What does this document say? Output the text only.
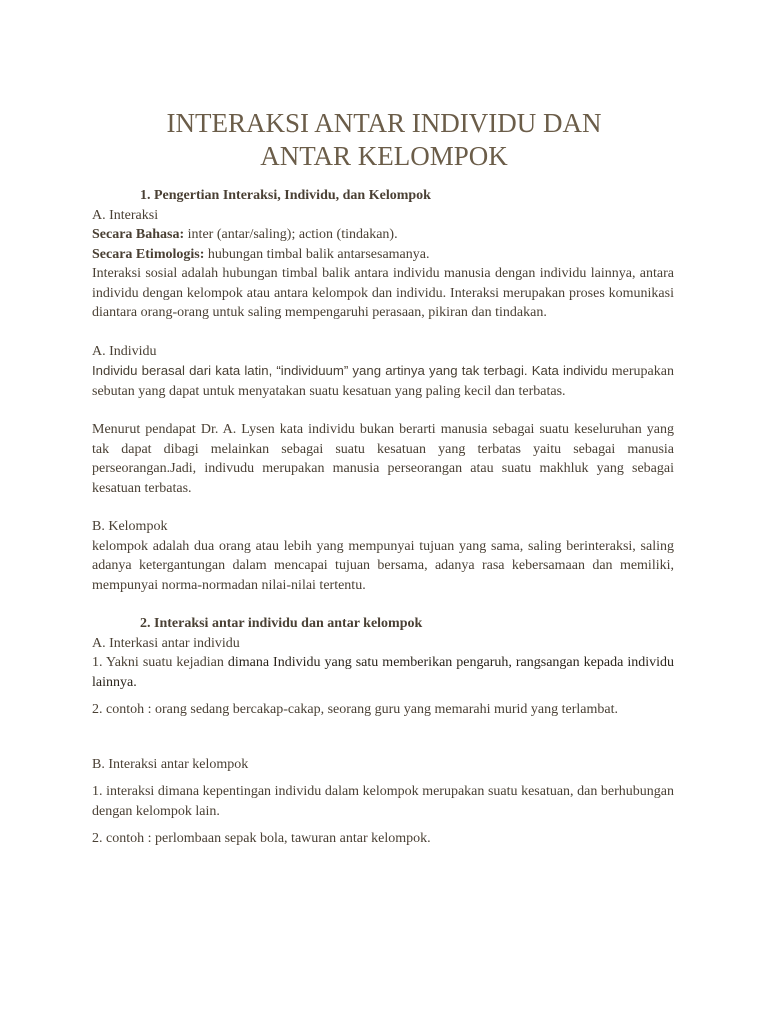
INTERAKSI ANTAR INDIVIDU DAN
ANTAR KELOMPOK

1. Pengertian Interaksi, Individu, dan Kelompok

A. Interaksi

Secara Bahasa: inter (antar/saling); action (tindakan).

Secara Etimologis: hubungan timbal balik antarsesamanya.

Interaksi sosial adalah hubungan timbal balik antara individu manusia dengan individu lainnya, antara individu dengan kelompok atau antara kelompok dan individu. Interaksi merupakan proses komunikasi diantara orang-orang untuk saling mempengaruhi perasaan, pikiran dan tindakan.

A. Individu

Individu berasal dari kata latin, “individuum” yang artinya yang tak terbagi. Kata individu merupakan sebutan yang dapat untuk menyatakan suatu kesatuan yang paling kecil dan terbatas.

Menurut pendapat Dr. A. Lysen kata individu bukan berarti manusia sebagai suatu keseluruhan yang tak dapat dibagi melainkan sebagai suatu kesatuan yang terbatas yaitu sebagai manusia perseorangan.Jadi, indivudu merupakan manusia perseorangan atau suatu makhluk yang sebagai kesatuan terbatas.

B. Kelompok

kelompok adalah dua orang atau lebih yang mempunyai tujuan yang sama, saling berinteraksi, saling adanya ketergantungan dalam mencapai tujuan bersama, adanya rasa kebersamaan dan memiliki, mempunyai norma-normadan nilai-nilai tertentu.

2. Interaksi antar individu dan antar kelompok

A. Interkasi antar individu

1. Yakni suatu kejadian dimana Individu yang satu memberikan pengaruh, rangsangan kepada individu lainnya.

2. contoh : orang sedang bercakap-cakap, seorang guru yang memarahi murid yang terlambat.

B. Interaksi antar kelompok

1. interaksi dimana kepentingan individu dalam kelompok merupakan suatu kesatuan, dan berhubungan dengan kelompok lain.

2. contoh : perlombaan sepak bola, tawuran antar kelompok.
